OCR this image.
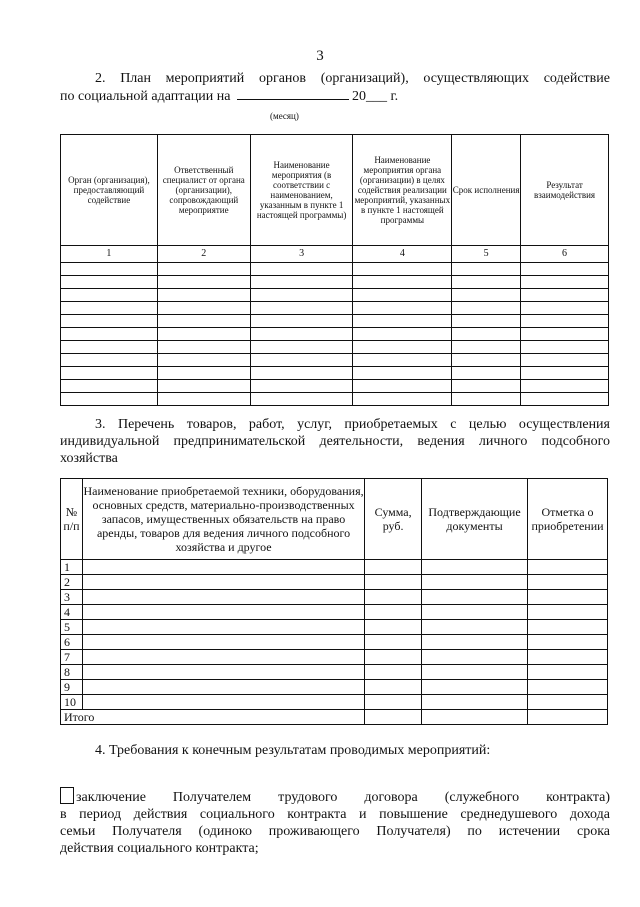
3
2. План мероприятий органов (организаций), осуществляющих содействие
по социальной адаптации на	20___ г.
(месяц)
Орган (организация), предоставляющий содействие	Ответственный специалист от органа (организации), сопровождающий мероприятие	Наименование мероприятия (в соответствии с наименованием, указанным в пункте 1 настоящей программы)	Наименование мероприятия органа (организации) в целях содействия реализации мероприятий, указанных в пункте 1 настоящей программы	Срок исполнения	Результат взаимодействия
1	2	3	4	5	6

3. Перечень товаров, работ, услуг, приобретаемых с целью осуществления
индивидуальной предпринимательской деятельности, ведения личного подсобного
хозяйства
№ п/п	Наименование приобретаемой техники, оборудования, основных средств, материально-производственных запасов, имущественных обязательств на право аренды, товаров для ведения личного подсобного хозяйства и другое	Сумма, руб.	Подтверждающие документы	Отметка о приобретении
1				
2				
3				
4				
5				
6				
7				
8				
9				
10				
Итого				
4. Требования к конечным результатам проводимых мероприятий:
заключение Получателем трудового договора (служебного контракта)
в период действия социального контракта и повышение среднедушевого дохода
семьи Получателя (одиноко проживающего Получателя) по истечении срока
действия социального контракта;
